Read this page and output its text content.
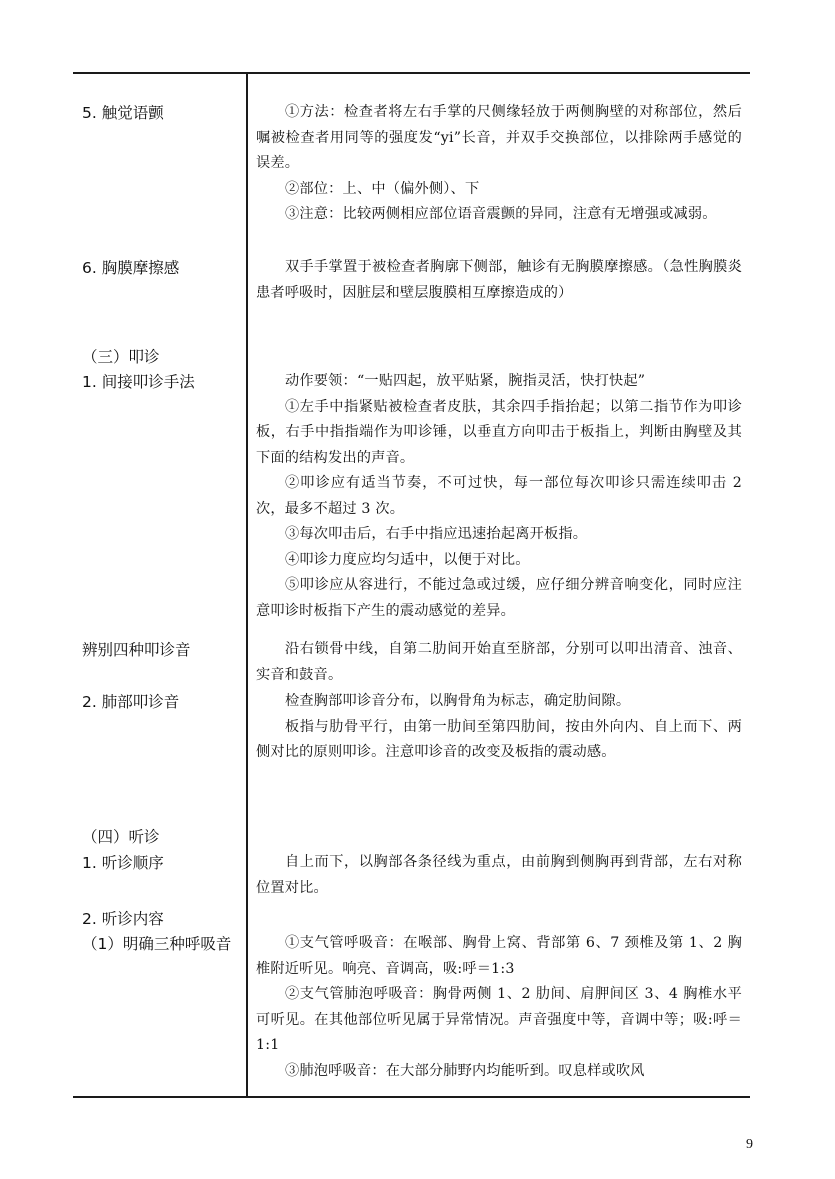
5. 触觉语颤
6. 胸膜摩擦感
（三）叩诊
1. 间接叩诊手法
辨别四种叩诊音
2. 肺部叩诊音
（四）听诊
1. 听诊顺序
2. 听诊内容
（1）明确三种呼吸音
①方法：检查者将左右手掌的尺侧缘轻放于两侧胸壁的对称部位，然后嘱被检查者用同等的强度发“yi”长音，并双手交换部位，以排除两手感觉的误差。
②部位：上、中（偏外侧）、下
③注意：比较两侧相应部位语音震颤的异同，注意有无增强或减弱。
双手手掌置于被检查者胸廓下侧部，触诊有无胸膜摩擦感。（急性胸膜炎患者呼吸时，因脏层和壁层腹膜相互摩擦造成的）
动作要领：“一贴四起，放平贴紧，腕指灵活，快打快起”
①左手中指紧贴被检查者皮肤，其余四手指抬起；以第二指节作为叩诊板，右手中指指端作为叩诊锤，以垂直方向叩击于板指上，判断由胸壁及其下面的结构发出的声音。
②叩诊应有适当节奏，不可过快，每一部位每次叩诊只需连续叩击 2 次，最多不超过 3 次。
③每次叩击后，右手中指应迅速抬起离开板指。
④叩诊力度应均匀适中，以便于对比。
⑤叩诊应从容进行，不能过急或过缓，应仔细分辨音响变化，同时应注意叩诊时板指下产生的震动感觉的差异。
沿右锁骨中线，自第二肋间开始直至脐部，分别可以叩出清音、浊音、实音和鼓音。
检查胸部叩诊音分布，以胸骨角为标志，确定肋间隙。
板指与肋骨平行，由第一肋间至第四肋间，按由外向内、自上而下、两侧对比的原则叩诊。注意叩诊音的改变及板指的震动感。
自上而下，以胸部各条径线为重点，由前胸到侧胸再到背部，左右对称位置对比。
①支气管呼吸音：在喉部、胸骨上窝、背部第 6、7 颈椎及第 1、2 胸椎附近听见。响亮、音调高，吸:呼＝1:3
②支气管肺泡呼吸音：胸骨两侧 1、2 肋间、肩胛间区 3、4 胸椎水平可听见。在其他部位听见属于异常情况。声音强度中等，音调中等；吸:呼＝1:1
③肺泡呼吸音：在大部分肺野内均能听到。叹息样或吹风
9
